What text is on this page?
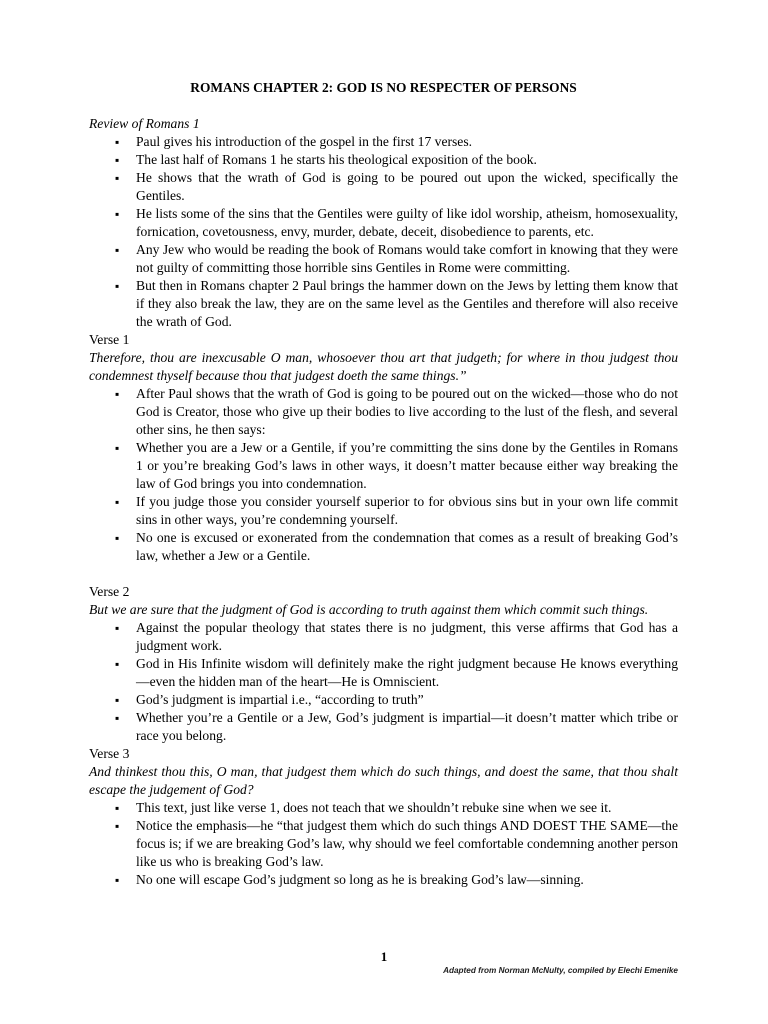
ROMANS CHAPTER 2: GOD IS NO RESPECTER OF PERSONS

Review of Romans 1

▪ Paul gives his introduction of the gospel in the first 17 verses.
▪ The last half of Romans 1 he starts his theological exposition of the book.
▪ He shows that the wrath of God is going to be poured out upon the wicked, specifically the Gentiles.
▪ He lists some of the sins that the Gentiles were guilty of like idol worship, atheism, homosexuality, fornication, covetousness, envy, murder, debate, deceit, disobedience to parents, etc.
▪ Any Jew who would be reading the book of Romans would take comfort in knowing that they were not guilty of committing those horrible sins Gentiles in Rome were committing.
▪ But then in Romans chapter 2 Paul brings the hammer down on the Jews by letting them know that if they also break the law, they are on the same level as the Gentiles and therefore will also receive the wrath of God.

Verse 1

Therefore, thou are inexcusable O man, whosoever thou art that judgeth; for where in thou judgest thou condemnest thyself because thou that judgest doeth the same things.”

▪ After Paul shows that the wrath of God is going to be poured out on the wicked—those who do not God is Creator, those who give up their bodies to live according to the lust of the flesh, and several other sins, he then says:
▪ Whether you are a Jew or a Gentile, if you’re committing the sins done by the Gentiles in Romans 1 or you’re breaking God’s laws in other ways, it doesn’t matter because either way breaking the law of God brings you into condemnation.
▪ If you judge those you consider yourself superior to for obvious sins but in your own life commit sins in other ways, you’re condemning yourself.
▪ No one is excused or exonerated from the condemnation that comes as a result of breaking God’s law, whether a Jew or a Gentile.

Verse 2

But we are sure that the judgment of God is according to truth against them which commit such things.

▪ Against the popular theology that states there is no judgment, this verse affirms that God has a judgment work.
▪ God in His Infinite wisdom will definitely make the right judgment because He knows everything—even the hidden man of the heart—He is Omniscient.
▪ God’s judgment is impartial i.e., “according to truth”
▪ Whether you’re a Gentile or a Jew, God’s judgment is impartial—it doesn’t matter which tribe or race you belong.

Verse 3

And thinkest thou this, O man, that judgest them which do such things, and doest the same, that thou shalt escape the judgement of God?

▪ This text, just like verse 1, does not teach that we shouldn’t rebuke sine when we see it.
▪ Notice the emphasis—he “that judgest them which do such things AND DOEST THE SAME—the focus is; if we are breaking God’s law, why should we feel comfortable condemning another person like us who is breaking God’s law.
▪ No one will escape God’s judgment so long as he is breaking God’s law—sinning.
1
Adapted from Norman McNulty, compiled by Elechi Emenike
